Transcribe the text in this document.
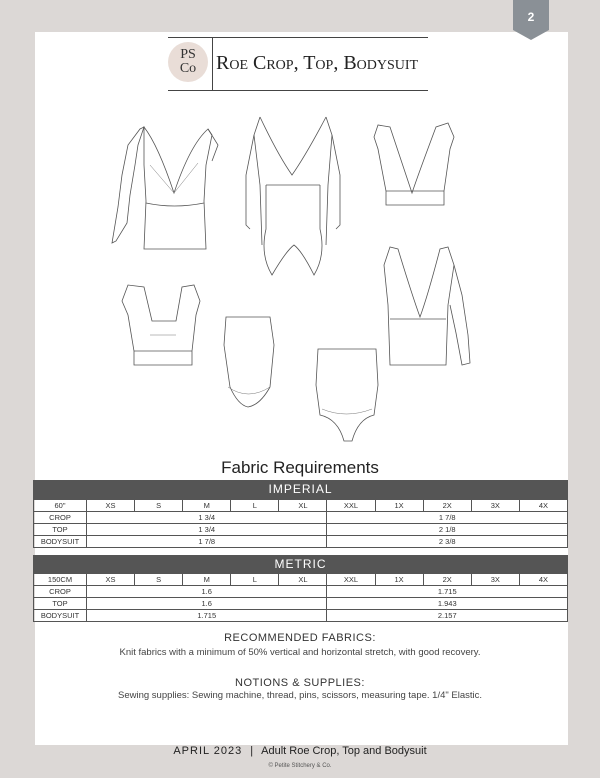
2
PS
Co Roe Crop, Top, Bodysuit
Fabric Requirements
IMPERIAL
60"	XS	S	M	L	XL	XXL	1X	2X	3X	4X
CROP	1 3/4					1 7/8				
TOP	1 3/4					2 1/8				
BODYSUIT	1 7/8					2 3/8				
METRIC
150CM	XS	S	M	L	XL	XXL	1X	2X	3X	4X
CROP	1.6					1.715				
TOP	1.6					1.943				
BODYSUIT	1.715					2.157				
RECOMMENDED FABRICS:
Knit fabrics with a minimum of 50% vertical and horizontal stretch, with good recovery.
NOTIONS & SUPPLIES:
Sewing supplies: Sewing machine, thread, pins, scissors, measuring tape. 1/4" Elastic.
APRIL 2023 | Adult Roe Crop, Top and Bodysuit
© Petite Stitchery & Co.
